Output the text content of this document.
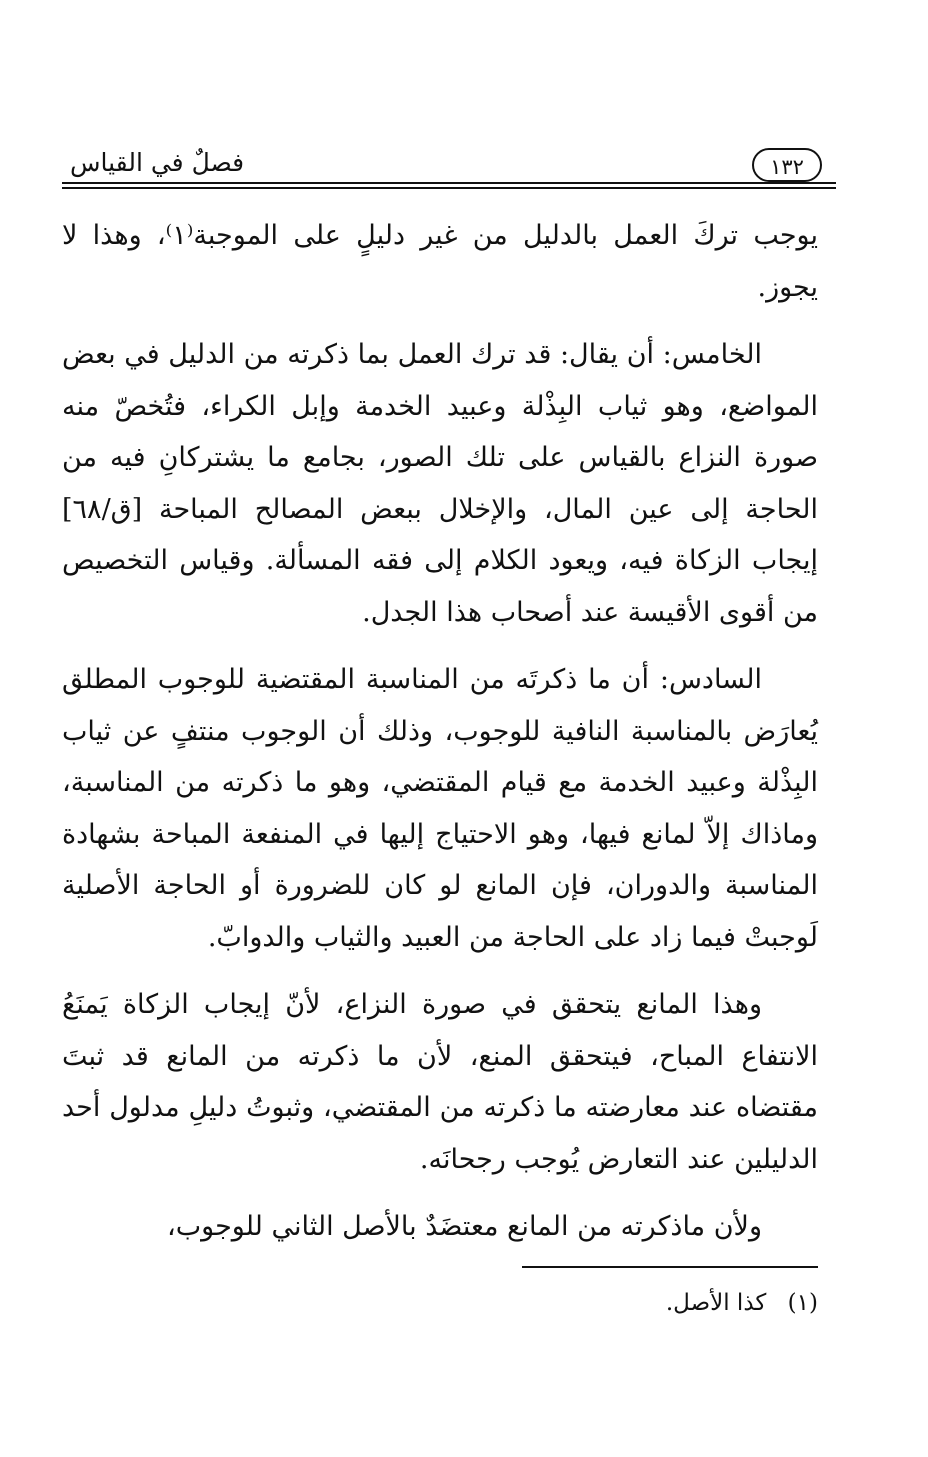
فصلٌ في القياس	١٣٢

يوجب تركَ العمل بالدليل من غير دليلٍ على الموجبة⁽١⁾، وهذا لا يجوز.

الخامس: أن يقال: قد ترك العمل بما ذكرته من الدليل في بعض المواضع، وهو ثياب البِذْلة وعبيد الخدمة وإبل الكراء، فتُخصّ منه صورة النزاع بالقياس على تلك الصور، بجامع ما يشتركانِ فيه من الحاجة إلى عين المال، والإخلال ببعض المصالح المباحة [ق/٦٨] إيجاب الزكاة فيه، ويعود الكلام إلى فقه المسألة. وقياس التخصيص من أقوى الأقيسة عند أصحاب هذا الجدل.

السادس: أن ما ذكرتَه من المناسبة المقتضية للوجوب المطلق يُعارَض بالمناسبة النافية للوجوب، وذلك أن الوجوب منتفٍ عن ثياب البِذْلة وعبيد الخدمة مع قيام المقتضي، وهو ما ذكرته من المناسبة، وماذاك إلاّ لمانع فيها، وهو الاحتياج إليها في المنفعة المباحة بشهادة المناسبة والدوران، فإن المانع لو كان للضرورة أو الحاجة الأصلية لَوجبتْ فيما زاد على الحاجة من العبيد والثياب والدوابّ.

وهذا المانع يتحقق في صورة النزاع، لأنّ إيجاب الزكاة يَمنَعُ الانتفاع المباح، فيتحقق المنع، لأن ما ذكرته من المانع قد ثبتَ مقتضاه عند معارضته ما ذكرته من المقتضي، وثبوتُ دليلِ مدلول أحد الدليلين عند التعارض يُوجب رجحانَه.

ولأن ماذكرته من المانع معتضَدٌ بالأصل الثاني للوجوب،

(١) كذا الأصل.
